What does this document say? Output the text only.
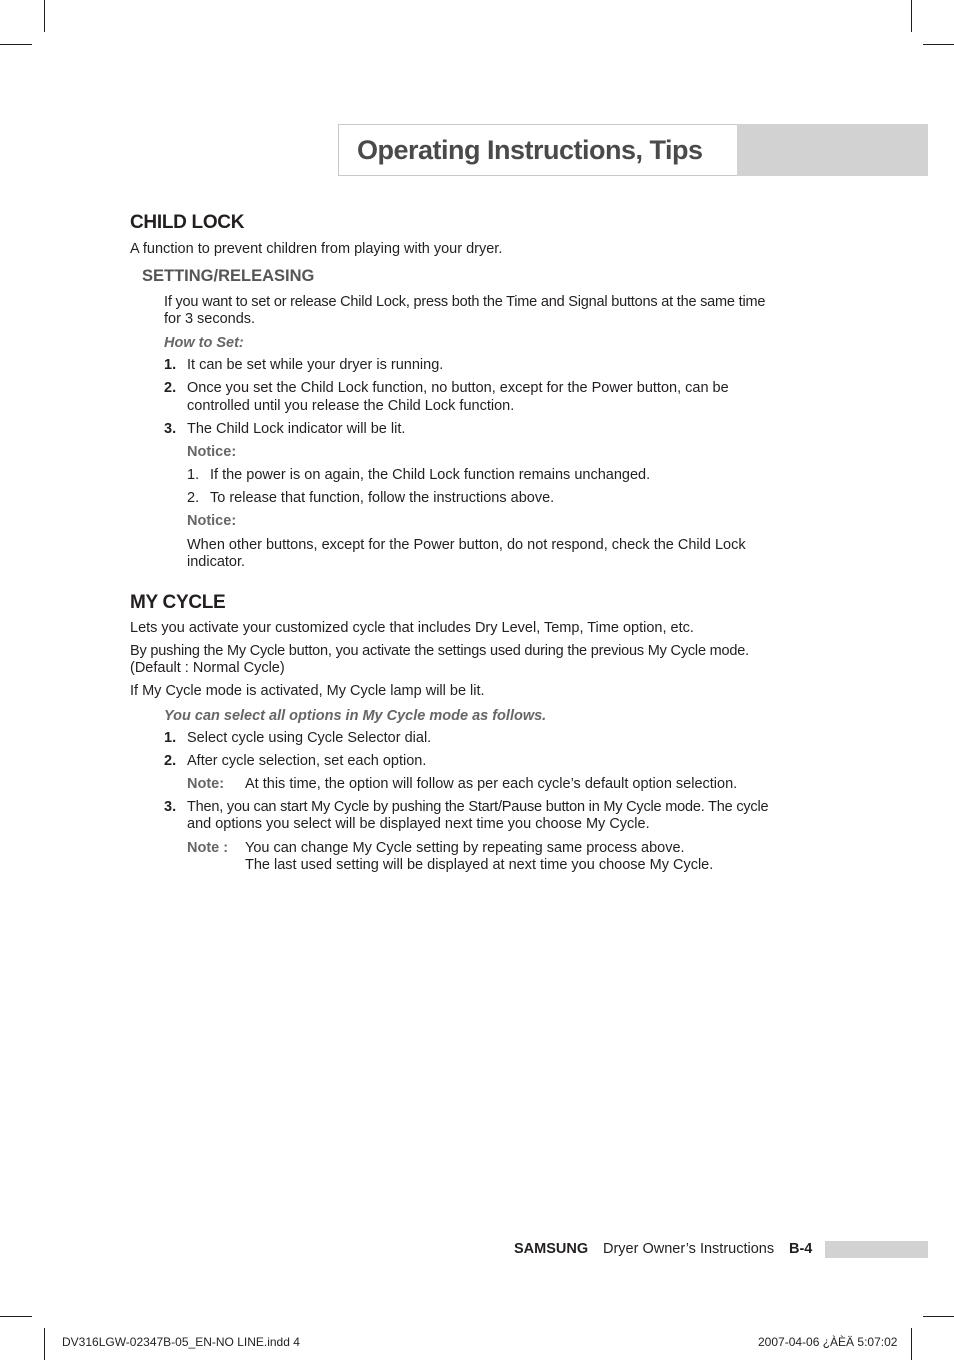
Operating Instructions, Tips
CHILD LOCK
A function to prevent children from playing with your dryer.
SETTING/RELEASING
If you want to set or release Child Lock, press both the Time and Signal buttons at the same time
for 3 seconds.
How to Set:
1. It can be set while your dryer is running.
2. Once you set the Child Lock function, no button, except for the Power button, can be
controlled until you release the Child Lock function.
3. The Child Lock indicator will be lit.
Notice:
1. If the power is on again, the Child Lock function remains unchanged.
2. To release that function, follow the instructions above.
Notice:
When other buttons, except for the Power button, do not respond, check the Child Lock
indicator.
MY CYCLE
Lets you activate your customized cycle that includes Dry Level, Temp, Time option, etc.
By pushing the My Cycle button, you activate the settings used during the previous My Cycle mode.
(Default : Normal Cycle)
If My Cycle mode is activated, My Cycle lamp will be lit.
You can select all options in My Cycle mode as follows.
1. Select cycle using Cycle Selector dial.
2. After cycle selection, set each option.
Note: At this time, the option will follow as per each cycle’s default option selection.
3. Then, you can start My Cycle by pushing the Start/Pause button in My Cycle mode. The cycle
and options you select will be displayed next time you choose My Cycle.
Note : You can change My Cycle setting by repeating same process above.
The last used setting will be displayed at next time you choose My Cycle.
SAMSUNG Dryer Owner’s Instructions B-4
DV316LGW-02347B-05_EN-NO LINE.indd 4	2007-04-06 ¿ÀÈÄ 5:07:02
